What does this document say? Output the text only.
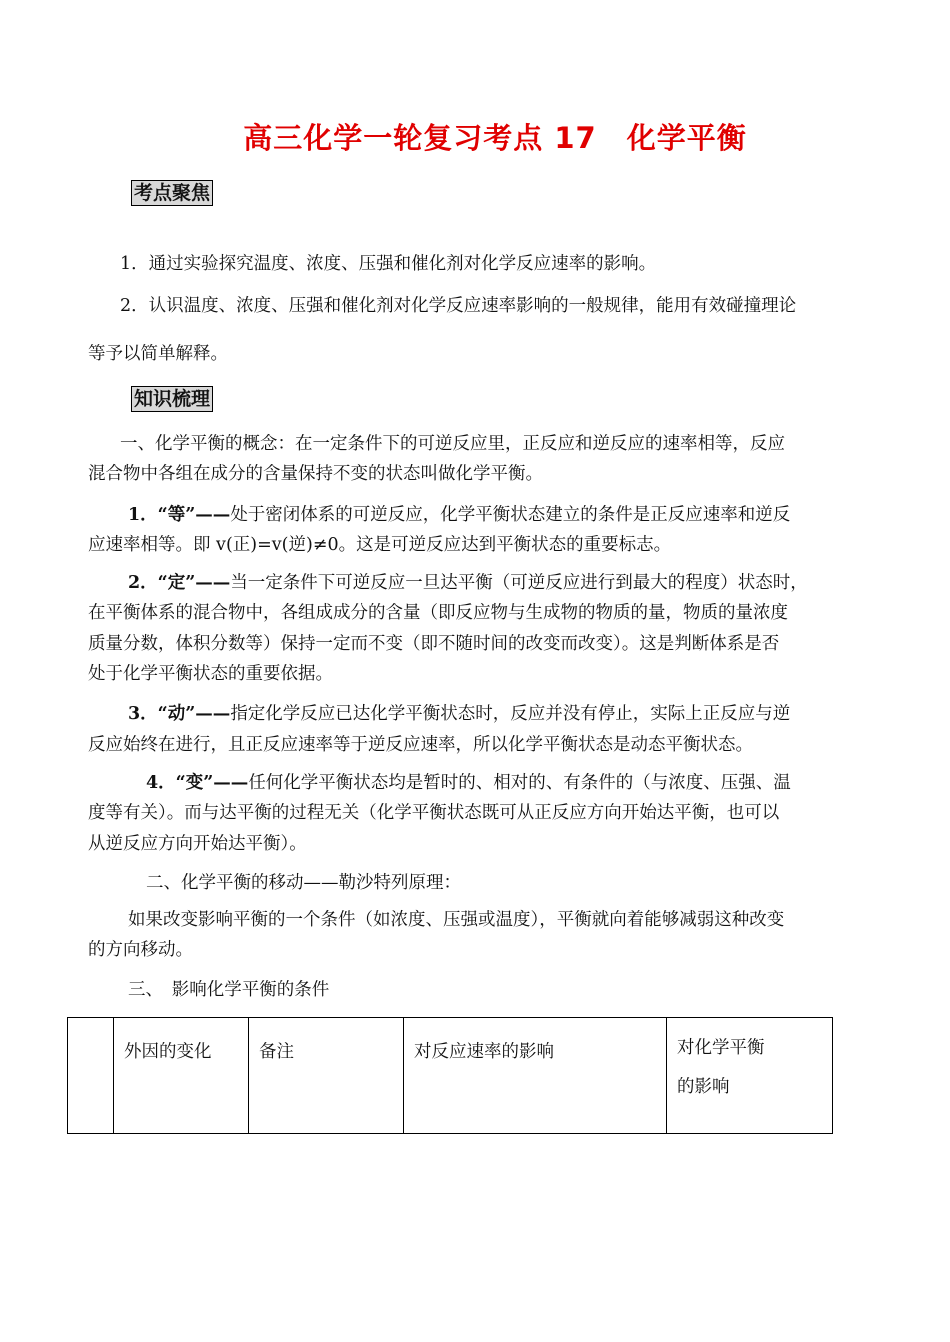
高三化学一轮复习考点 17　化学平衡
考点聚焦
1．通过实验探究温度、浓度、压强和催化剂对化学反应速率的影响。
2．认识温度、浓度、压强和催化剂对化学反应速率影响的一般规律，能用有效碰撞理论
等予以简单解释。
知识梳理
一、化学平衡的概念：在一定条件下的可逆反应里，正反应和逆反应的速率相等，反应
混合物中各组在成分的含量保持不变的状态叫做化学平衡。
1．“等”——处于密闭体系的可逆反应，化学平衡状态建立的条件是正反应速率和逆反
应速率相等。即 v(正)=v(逆)≠0。这是可逆反应达到平衡状态的重要标志。
2．“定”——当一定条件下可逆反应一旦达平衡（可逆反应进行到最大的程度）状态时，
在平衡体系的混合物中，各组成成分的含量（即反应物与生成物的物质的量，物质的量浓度
质量分数，体积分数等）保持一定而不变（即不随时间的改变而改变）。这是判断体系是否
处于化学平衡状态的重要依据。
3．“动”——指定化学反应已达化学平衡状态时，反应并没有停止，实际上正反应与逆
反应始终在进行，且正反应速率等于逆反应速率，所以化学平衡状态是动态平衡状态。
4．“变”——任何化学平衡状态均是暂时的、相对的、有条件的（与浓度、压强、温
度等有关）。而与达平衡的过程无关（化学平衡状态既可从正反应方向开始达平衡，也可以
从逆反应方向开始达平衡）。
二、化学平衡的移动——勒沙特列原理：
如果改变影响平衡的一个条件（如浓度、压强或温度），平衡就向着能够减弱这种改变
的方向移动。
三、　影响化学平衡的条件
	外因的变化	备注	对反应速率的影响	对化学平衡
的影响
